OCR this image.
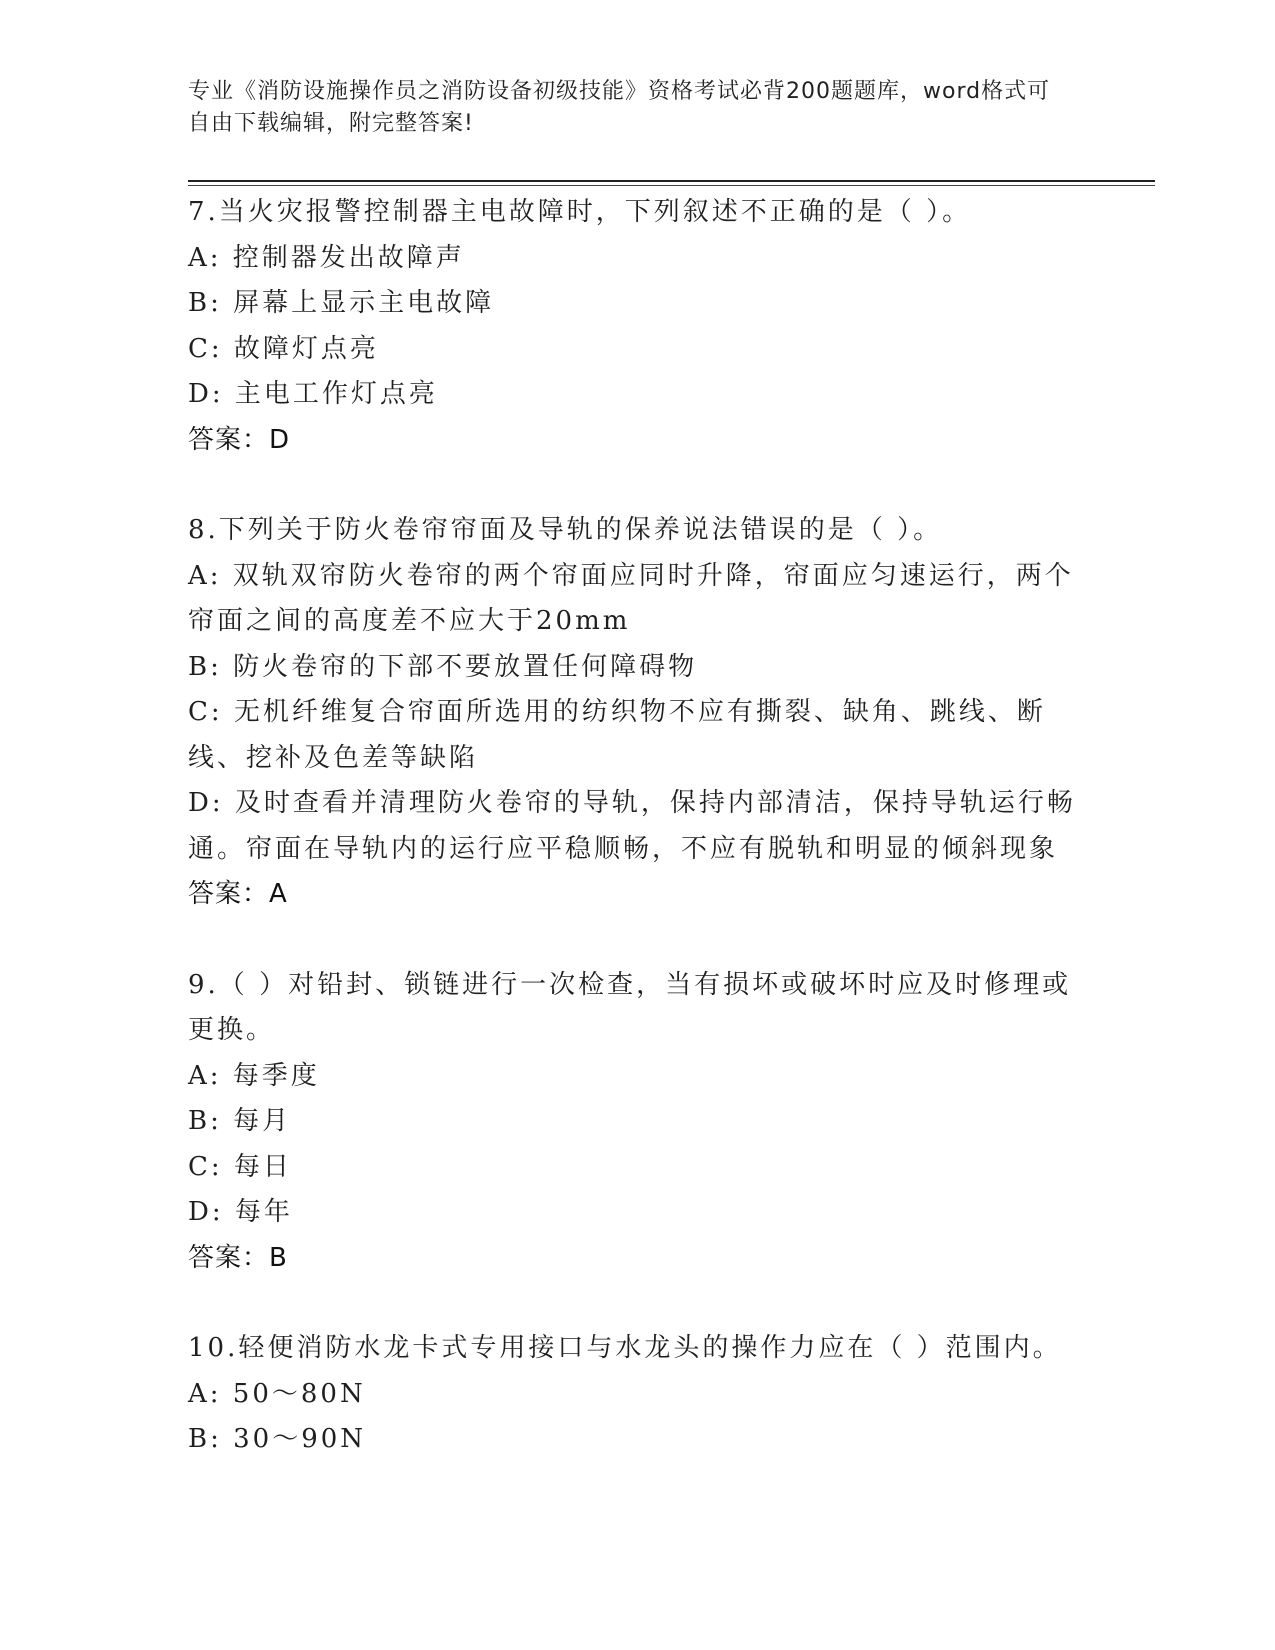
专业《消防设施操作员之消防设备初级技能》资格考试必背200题题库，word格式可自由下载编辑，附完整答案!

7.当火灾报警控制器主电故障时，下列叙述不正确的是（ ）。

A: 控制器发出故障声

B: 屏幕上显示主电故障

C: 故障灯点亮

D: 主电工作灯点亮

答案：D

8.下列关于防火卷帘帘面及导轨的保养说法错误的是（ ）。

A: 双轨双帘防火卷帘的两个帘面应同时升降，帘面应匀速运行，两个帘面之间的高度差不应大于20mm

B: 防火卷帘的下部不要放置任何障碍物

C: 无机纤维复合帘面所选用的纺织物不应有撕裂、缺角、跳线、断线、挖补及色差等缺陷

D: 及时查看并清理防火卷帘的导轨，保持内部清洁，保持导轨运行畅通。帘面在导轨内的运行应平稳顺畅，不应有脱轨和明显的倾斜现象

答案：A

9.（ ）对铅封、锁链进行一次检查，当有损坏或破坏时应及时修理或更换。

A: 每季度

B: 每月

C: 每日

D: 每年

答案：B

10.轻便消防水龙卡式专用接口与水龙头的操作力应在（ ）范围内。

A: 50～80N

B: 30～90N
